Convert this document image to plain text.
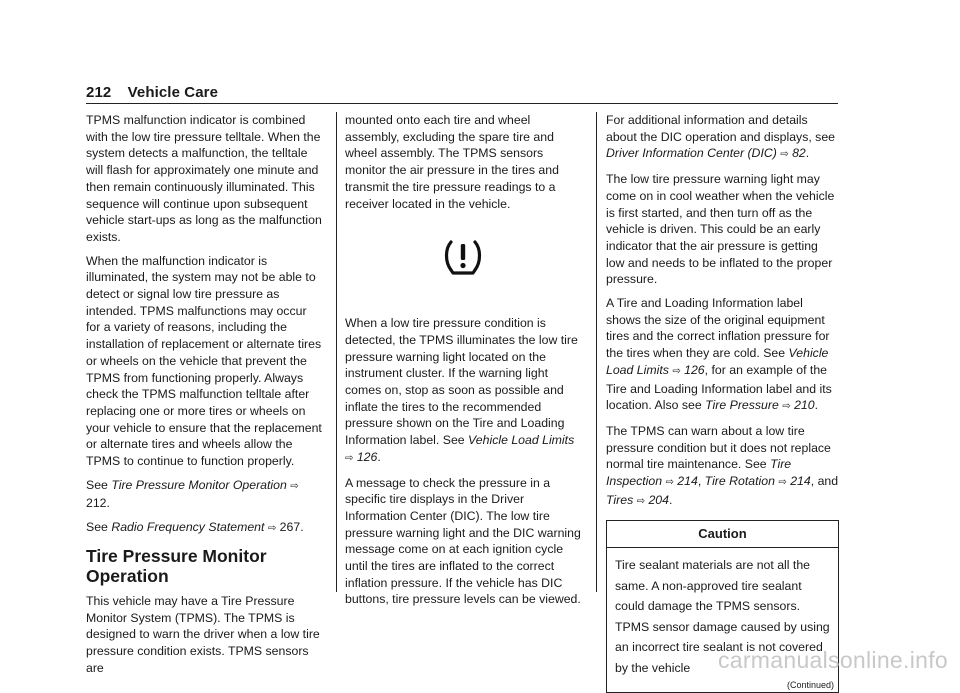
212 Vehicle Care

TPMS malfunction indicator is combined with the low tire pressure telltale. When the system detects a malfunction, the telltale will flash for approximately one minute and then remain continuously illuminated. This sequence will continue upon subsequent vehicle start-ups as long as the malfunction exists.

When the malfunction indicator is illuminated, the system may not be able to detect or signal low tire pressure as intended. TPMS malfunctions may occur for a variety of reasons, including the installation of replacement or alternate tires or wheels on the vehicle that prevent the TPMS from functioning properly. Always check the TPMS malfunction telltale after replacing one or more tires or wheels on your vehicle to ensure that the replacement or alternate tires and wheels allow the TPMS to continue to function properly.

See Tire Pressure Monitor Operation ⇨ 212.

See Radio Frequency Statement ⇨ 267.

Tire Pressure Monitor Operation

This vehicle may have a Tire Pressure Monitor System (TPMS). The TPMS is designed to warn the driver when a low tire pressure condition exists. TPMS sensors are

mounted onto each tire and wheel assembly, excluding the spare tire and wheel assembly. The TPMS sensors monitor the air pressure in the tires and transmit the tire pressure readings to a receiver located in the vehicle.

When a low tire pressure condition is detected, the TPMS illuminates the low tire pressure warning light located on the instrument cluster. If the warning light comes on, stop as soon as possible and inflate the tires to the recommended pressure shown on the Tire and Loading Information label. See Vehicle Load Limits
⇨ 126.

A message to check the pressure in a specific tire displays in the Driver Information Center (DIC). The low tire pressure warning light and the DIC warning message come on at each ignition cycle until the tires are inflated to the correct inflation pressure. If the vehicle has DIC buttons, tire pressure levels can be viewed.

For additional information and details about the DIC operation and displays, see Driver Information Center (DIC) ⇨ 82.

The low tire pressure warning light may come on in cool weather when the vehicle is first started, and then turn off as the vehicle is driven. This could be an early indicator that the air pressure is getting low and needs to be inflated to the proper pressure.

A Tire and Loading Information label shows the size of the original equipment tires and the correct inflation pressure for the tires when they are cold. See Vehicle Load Limits ⇨ 126, for an example of the Tire and Loading Information label and its location. Also see Tire Pressure ⇨ 210.

The TPMS can warn about a low tire pressure condition but it does not replace normal tire maintenance. See Tire Inspection ⇨ 214, Tire Rotation ⇨ 214, and Tires ⇨ 204.

Caution
Tire sealant materials are not all the same. A non-approved tire sealant could damage the TPMS sensors. TPMS sensor damage caused by using an incorrect tire sealant is not covered by the vehicle
(Continued)
carmanualsonline.info
